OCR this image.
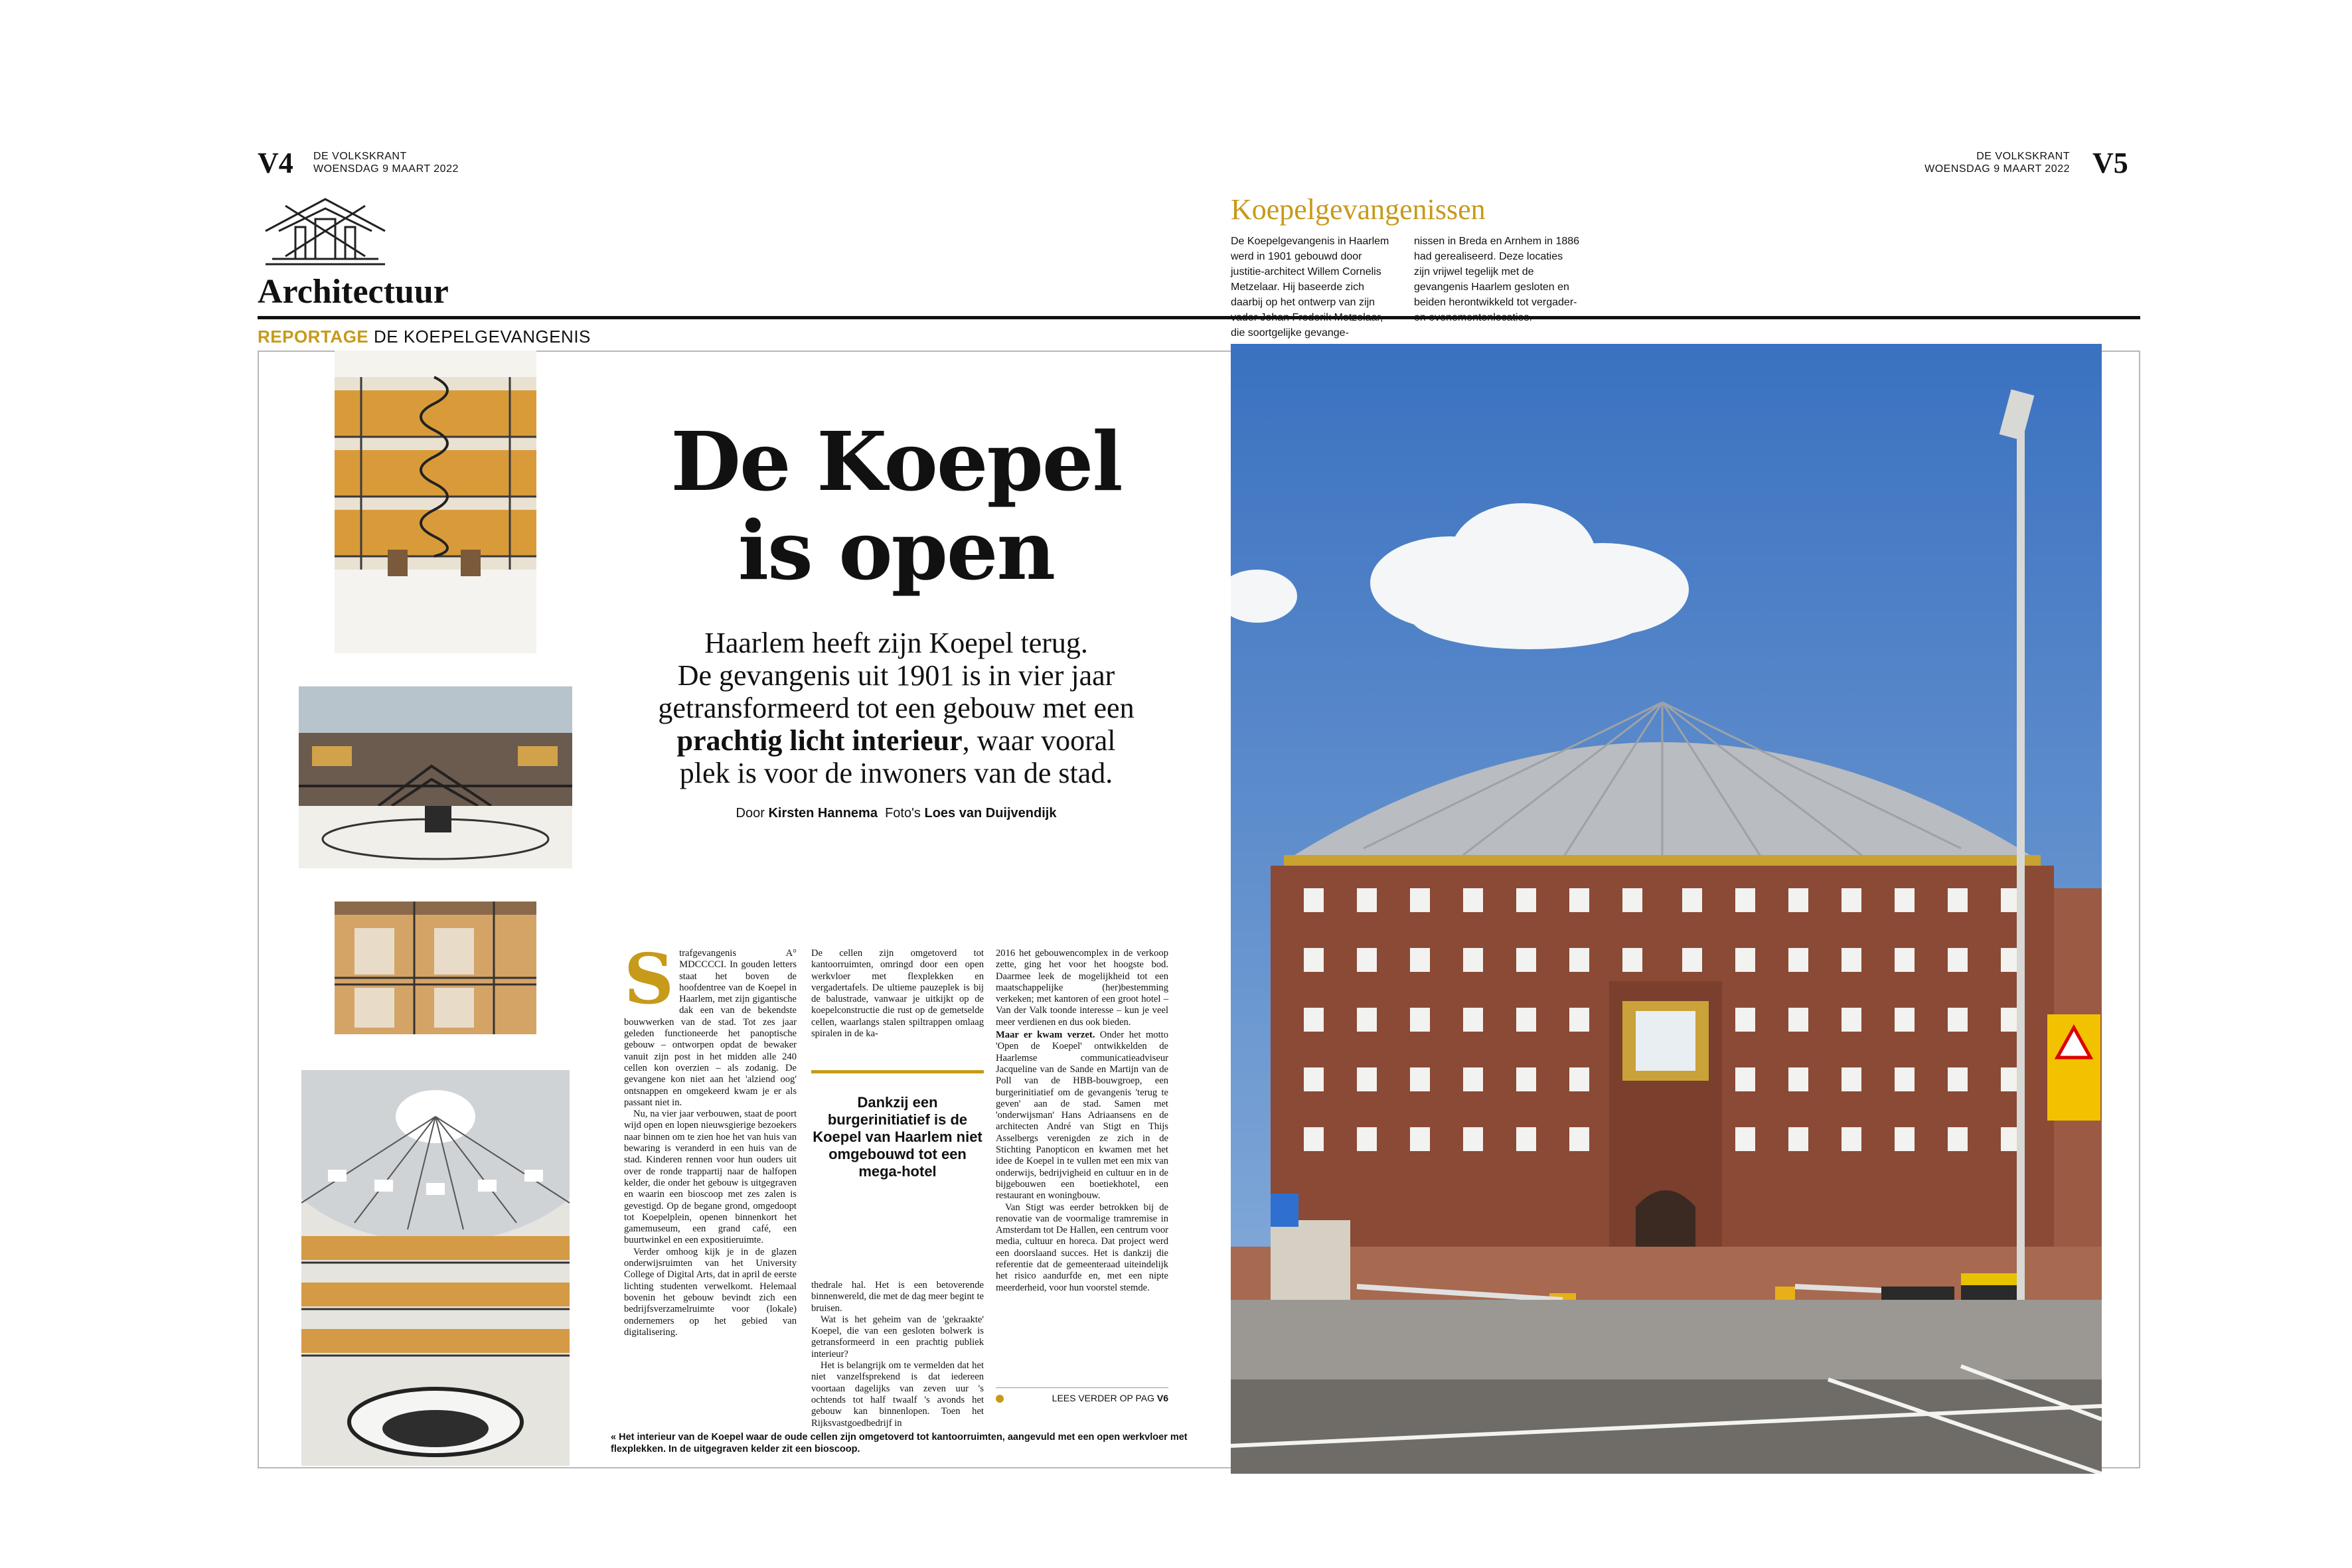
V4 DE VOLKSKRANT
WOENSDAG 9 MAART 2022
Architectuur
DE VOLKSKRANT
WOENSDAG 9 MAART 2022 V5
Koepelgevangenissen
De Koepelgevangenis in Haarlem werd in 1901 gebouwd door justitie-architect Willem Cornelis Metzelaar. Hij baseerde zich daarbij op het ontwerp van zijn die soortgelijke gevange-
nissen in Breda en Arnhem in 1886 had gerealiseerd. Deze locaties zijn vrijwel tegelijk met de gevangenis Haarlem gesloten en beiden herontwikkeld tot vergader-
REPORTAGE DE KOEPELGEVANGENIS
De Koepel
is open
Haarlem heeft zijn Koepel terug.
De gevangenis uit 1901 is in vier jaar
getransformeerd tot een gebouw met een
prachtig licht interieur, waar vooral
plek is voor de inwoners van de stad.
Door Kirsten Hannema Foto's Loes van Duijvendijk
S trafgevangenis A° MDCCCCI. In gouden letters staat het boven de hoofdentree van de Koepel in Haarlem, met zijn gigantische dak een van de bekendste bouwwerken van de stad. Tot zes jaar geleden functioneerde het panoptische gebouw – ontworpen opdat de bewaker vanuit zijn post in het midden alle 240 cellen kon overzien – als zodanig. De gevangene kon niet aan het 'alziend oog' ontsnappen en omgekeerd kwam je er als passant niet in.

Nu, na vier jaar verbouwen, staat de poort wijd open en lopen nieuwsgierige bezoekers naar binnen om te zien hoe het van huis van bewaring is veranderd in een huis van de stad. Kinderen rennen voor hun ouders uit over de ronde trappartij naar de halfopen kelder, die onder het gebouw is uitgegraven en waarin een bioscoop met zes zalen is gevestigd. Op de begane grond, omgedoopt tot Koepelplein, openen binnenkort het gamemuseum, een grand café, een buurtwinkel en een expositieruimte.

Verder omhoog kijk je in de glazen onderwijsruimten van het University College of Digital Arts, dat in april de eerste lichting studenten verwelkomt. Helemaal bovenin het gebouw bevindt zich een bedrijfsverzamelruimte voor (lokale) ondernemers op het gebied van digitalisering.

De cellen zijn omgetoverd tot kantoorruimten, omringd door een open werkvloer met flexplekken en vergadertafels. De ultieme pauzeplek is bij de balustrade, vanwaar je uitkijkt op de koepelconstructie die rust op de gemetselde cellen, waarlangs stalen spiltrappen omlaag spiralen in de ka-

Dankzij een burgerinitiatief is de Koepel van Haarlem niet omgebouwd tot een mega-hotel

thedrale hal. Het is een betoverende binnenwereld, die met de dag meer begint te bruisen.

Wat is het geheim van de 'gekraakte' Koepel, die van een gesloten bolwerk is getransformeerd in een prachtig publiek interieur?

Het is belangrijk om te vermelden dat het niet vanzelfsprekend is dat iedereen voortaan dagelijks van zeven uur 's ochtends tot half twaalf 's avonds het gebouw kan binnenlopen. Toen het Rijksvastgoedbedrijf in

2016 het gebouwencomplex in de verkoop zette, ging het voor het hoogste bod. Daarmee leek de mogelijkheid tot een maatschappelijke (her)bestemming verkeken; met kantoren of een groot hotel – Van der Valk toonde interesse – kun je veel meer verdienen en dus ook bieden.

Maar er kwam verzet. Onder het motto 'Open de Koepel' ontwikkelden de Haarlemse communicatieadviseur Jacqueline van de Sande en Martijn van de Poll van de HBB-bouwgroep, een burgerinitiatief om de gevangenis 'terug te geven' aan de stad. Samen met 'onderwijsman' Hans Adriaansens en de architecten André van Stigt en Thijs Asselbergs verenigden ze zich in de Stichting Panopticon en kwamen met het idee de Koepel in te vullen met een mix van onderwijs, bedrijvigheid en cultuur en in de bijgebouwen een boetiekhotel, een restaurant en woningbouw.

Van Stigt was eerder betrokken bij de renovatie van de voormalige tramremise in Amsterdam tot De Hallen, een centrum voor media, cultuur en horeca. Dat project werd een doorslaand succes. Het is dankzij die referentie dat de gemeenteraad uiteindelijk het risico aandurfde en, met een nipte meerderheid, voor hun voorstel stemde.

LEES VERDER OP PAG V6
« Het interieur van de Koepel waar de oude cellen zijn omgetoverd tot kantoorruimten, aangevuld met een open werkvloer met flexplekken. In de uitgegraven kelder zit een bioscoop.
